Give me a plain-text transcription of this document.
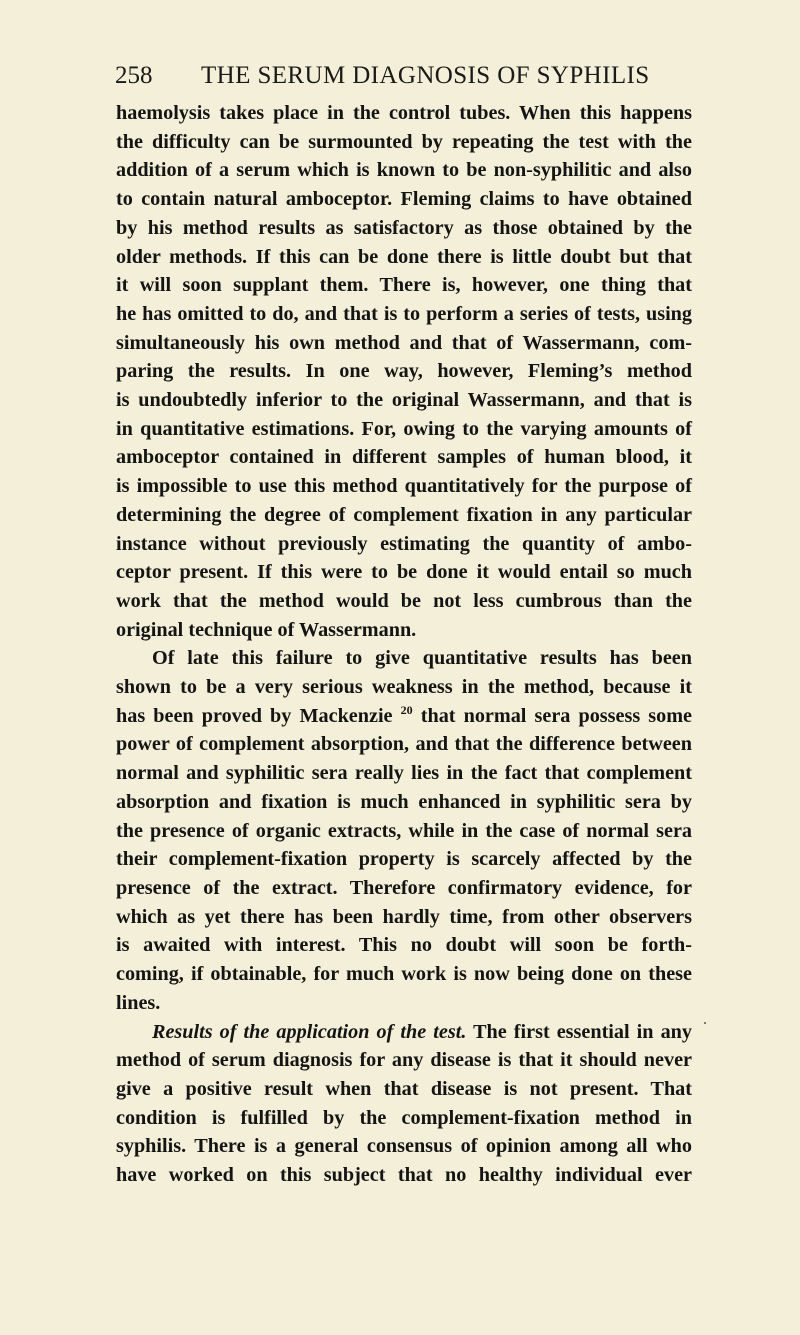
258 THE SERUM DIAGNOSIS OF SYPHILIS

haemolysis takes place in the control tubes. When this happens
the difficulty can be surmounted by repeating the test with the
addition of a serum which is known to be non-syphilitic and also
to contain natural amboceptor. Fleming claims to have obtained
by his method results as satisfactory as those obtained by the
older methods. If this can be done there is little doubt but that
it will soon supplant them. There is, however, one thing that
he has omitted to do, and that is to perform a series of tests, using
simultaneously his own method and that of Wassermann, com-
paring the results. In one way, however, Fleming’s method
is undoubtedly inferior to the original Wassermann, and that is
in quantitative estimations. For, owing to the varying amounts of
amboceptor contained in different samples of human blood, it
is impossible to use this method quantitatively for the purpose of
determining the degree of complement fixation in any particular
instance without previously estimating the quantity of ambo-
ceptor present. If this were to be done it would entail so much
work that the method would be not less cumbrous than the
original technique of Wassermann.

Of late this failure to give quantitative results has been
shown to be a very serious weakness in the method, because it
has been proved by Mackenzie $^{20}$ that normal sera possess some
power of complement absorption, and that the difference between
normal and syphilitic sera really lies in the fact that complement
absorption and fixation is much enhanced in syphilitic sera by
the presence of organic extracts, while in the case of normal sera
their complement-fixation property is scarcely affected by the
presence of the extract. Therefore confirmatory evidence, for
which as yet there has been hardly time, from other observers
is awaited with interest. This no doubt will soon be forth-
coming, if obtainable, for much work is now being done on these
lines.

Results of the application of the test. The first essential in any
method of serum diagnosis for any disease is that it should never
give a positive result when that disease is not present. That
condition is fulfilled by the complement-fixation method in
syphilis. There is a general consensus of opinion among all who
have worked on this subject that no healthy individual ever
